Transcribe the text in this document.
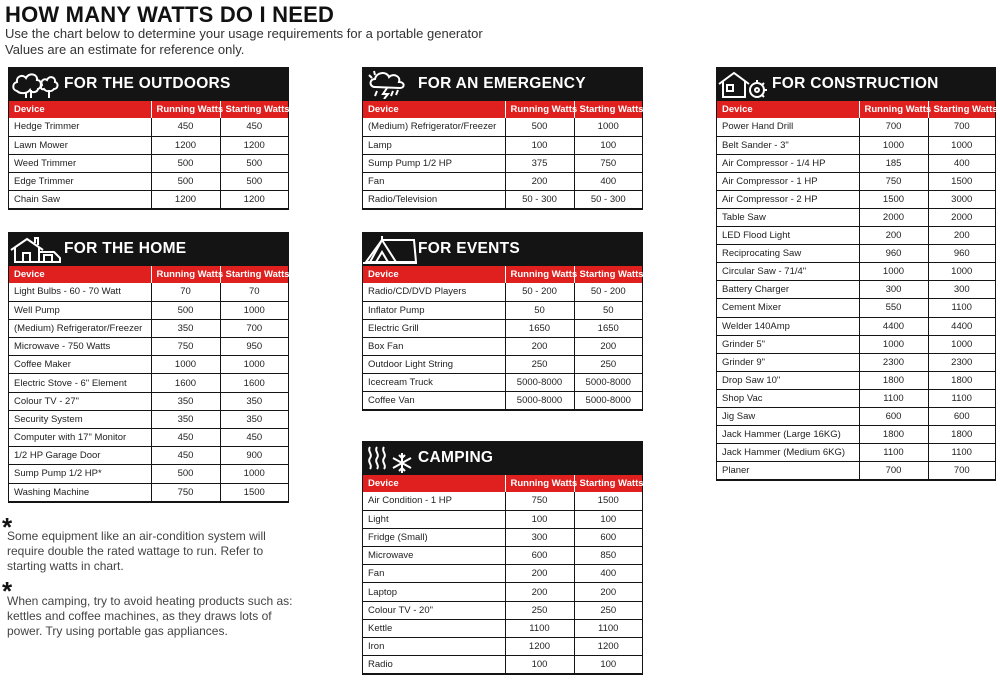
HOW MANY WATTS DO I NEED
Use the chart below to determine your usage requirements for a portable generator
Values are an estimate for reference only.
FOR THE OUTDOORS
Device	Running Watts	Starting Watts
Hedge Trimmer	450	450
Lawn Mower	1200	1200
Weed Trimmer	500	500
Edge Trimmer	500	500
Chain Saw	1200	1200
FOR THE HOME
Device	Running Watts	Starting Watts
Light Bulbs - 60 - 70 Watt	70	70
Well Pump	500	1000
(Medium) Refrigerator/Freezer	350	700
Microwave - 750 Watts	750	950
Coffee Maker	1000	1000
Electric Stove - 6" Element	1600	1600
Colour TV - 27"	350	350
Security System	350	350
Computer with 17" Monitor	450	450
1/2 HP Garage Door	450	900
Sump Pump 1/2 HP*	500	1000
Washing Machine	750	1500
FOR AN EMERGENCY
Device	Running Watts	Starting Watts
(Medium) Refrigerator/Freezer	500	1000
Lamp	100	100
Sump Pump 1/2 HP	375	750
Fan	200	400
Radio/Television	50 - 300	50 - 300
FOR EVENTS
Device	Running Watts	Starting Watts
Radio/CD/DVD Players	50 - 200	50 - 200
Inflator Pump	50	50
Electric Grill	1650	1650
Box Fan	200	200
Outdoor Light String	250	250
Icecream Truck	5000-8000	5000-8000
Coffee Van	5000-8000	5000-8000
CAMPING
Device	Running Watts	Starting Watts
Air Condition - 1 HP	750	1500
Light	100	100
Fridge (Small)	300	600
Microwave	600	850
Fan	200	400
Laptop	200	200
Colour TV - 20"	250	250
Kettle	1100	1100
Iron	1200	1200
Radio	100	100
FOR CONSTRUCTION
Device	Running Watts	Starting Watts
Power Hand Drill	700	700
Belt Sander - 3"	1000	1000
Air Compressor - 1/4 HP	185	400
Air Compressor - 1 HP	750	1500
Air Compressor - 2 HP	1500	3000
Table Saw	2000	2000
LED Flood Light	200	200
Reciprocating Saw	960	960
Circular Saw - 71/4"	1000	1000
Battery Charger	300	300
Cement Mixer	550	1100
Welder 140Amp	4400	4400
Grinder 5"	1000	1000
Grinder 9"	2300	2300
Drop Saw 10"	1800	1800
Shop Vac	1100	1100
Jig Saw	600	600
Jack Hammer (Large 16KG)	1800	1800
Jack Hammer (Medium 6KG)	1100	1100
Planer	700	700
*
Some equipment like an air-condition system will require double the rated wattage to run. Refer to starting watts in chart.
*
When camping, try to avoid heating products such as: kettles and coffee machines, as they draws lots of power. Try using portable gas appliances.
